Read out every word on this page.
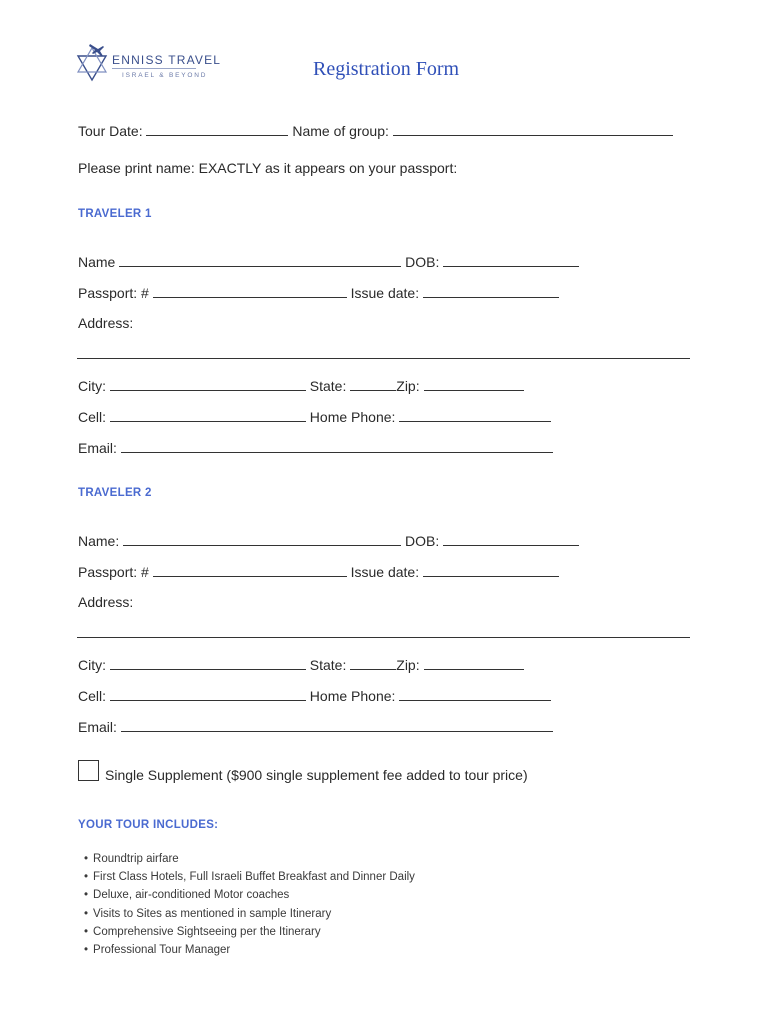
ENNISS TRAVEL
ISRAEL & BEYOND	Registration Form
Tour Date:	Name of group:
Please print name: EXACTLY as it appears on your passport:
TRAVELER 1
Name	DOB:
Passport: #	Issue date:
Address:
City:	State:	Zip:
Cell:	Home Phone:
Email:
TRAVELER 2
Name:	DOB:
Passport: #	Issue date:
Address:
City:	State:	Zip:
Cell:	Home Phone:
Email:
Single Supplement ($900 single supplement fee added to tour price)
YOUR TOUR INCLUDES:
• Roundtrip airfare
• First Class Hotels, Full Israeli Buffet Breakfast and Dinner Daily
• Deluxe, air-conditioned Motor coaches
• Visits to Sites as mentioned in sample Itinerary
• Comprehensive Sightseeing per the Itinerary
• Professional Tour Manager
